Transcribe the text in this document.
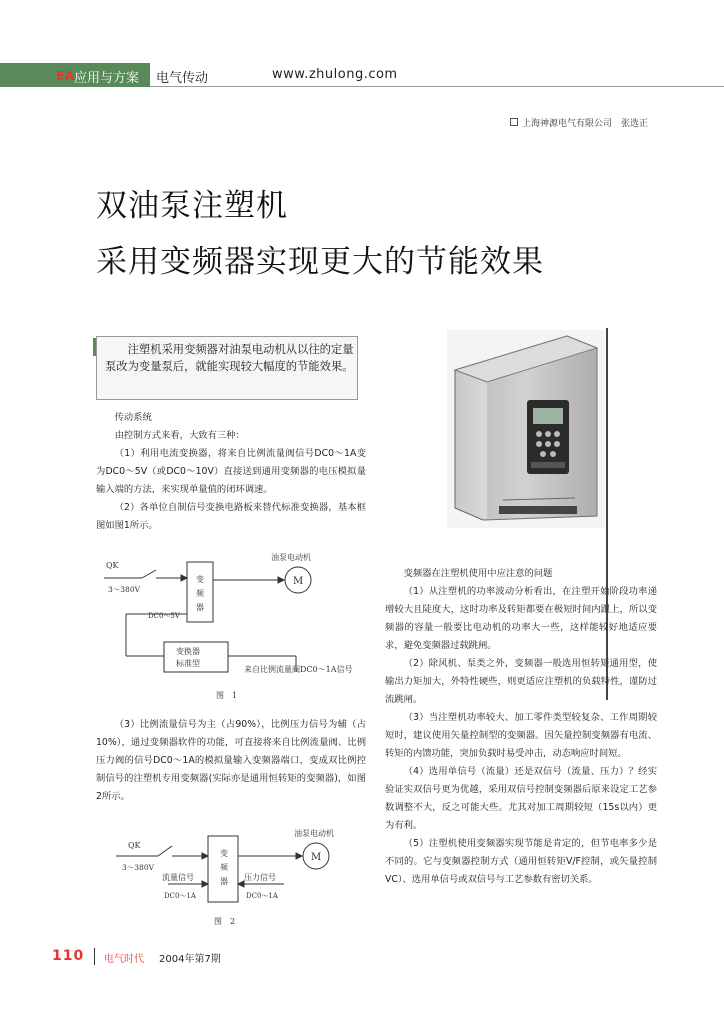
EA 应用与方案 电气传动	www.zhulong.com
上海神源电气有限公司　张选正
双油泵注塑机
采用变频器实现更大的节能效果
注塑机采用变频器对油泵电动机从以往的定量泵改为变量泵后，就能实现较大幅度的节能效果。

传动系统

由控制方式来看，大致有三种：

（1）利用电流变换器，将来自比例流量阀信号DC0～1A变为DC0～5V（或DC0～10V）直接送到通用变频器的电压模拟量输入端的方法，来实现单量值的闭环调速。

（2）各单位自制信号变换电路板来替代标准变换器，基本框图如图1所示。

QK
3～380V
变
频
器
油泵电动机
M
DC0～5V
变换器
标准型
来自比例流量阀DC0～1A信号
图　1

（3）比例流量信号为主（占90%），比例压力信号为辅（占10%），通过变频器软件的功能，可直接将来自比例流量阀、比例压力阀的信号DC0～1A的模拟量输入变频器端口，变成双比例控制信号的注塑机专用变频器(实际亦是通用恒转矩的变频器)，如图2所示。

QK
3～380V
变
频
器
油泵电动机
M
流量信号	压力信号
DC0～1A	DC0～1A
图　2

变频器在注塑机使用中应注意的问题

（1）从注塑机的功率波动分析看出，在注塑开始阶段功率递增较大且陡度大，这时功率及转矩都要在极短时间内跟上，所以变频器的容量一般要比电动机的功率大一些，这样能较好地适应要求，避免变频器过载跳闸。

（2）除风机、泵类之外，变频器一般选用恒转矩通用型，使输出力矩加大，外特性硬些，则更适应注塑机的负载特性，谨防过流跳闸。

（3）当注塑机功率较大、加工零件类型较复杂、工作周期较短时，建议使用矢量控制型的变频器。因矢量控制变频器有电流、转矩的内馈功能，突加负载时易受冲击，动态响应时间短。

（4）选用单信号（流量）还是双信号（流量、压力）？经实验证实双信号更为优越，采用双信号控制变频器后原来设定工艺参数调整不大，反之可能大些。尤其对加工周期较短（15s以内）更为有利。

（5）注塑机使用变频器实现节能是肯定的，但节电率多少是不同的。它与变频器控制方式（通用恒转矩V/F控制，或矢量控制VC）、选用单信号或双信号与工艺参数有密切关系。

110 电气时代 2004年第7期
